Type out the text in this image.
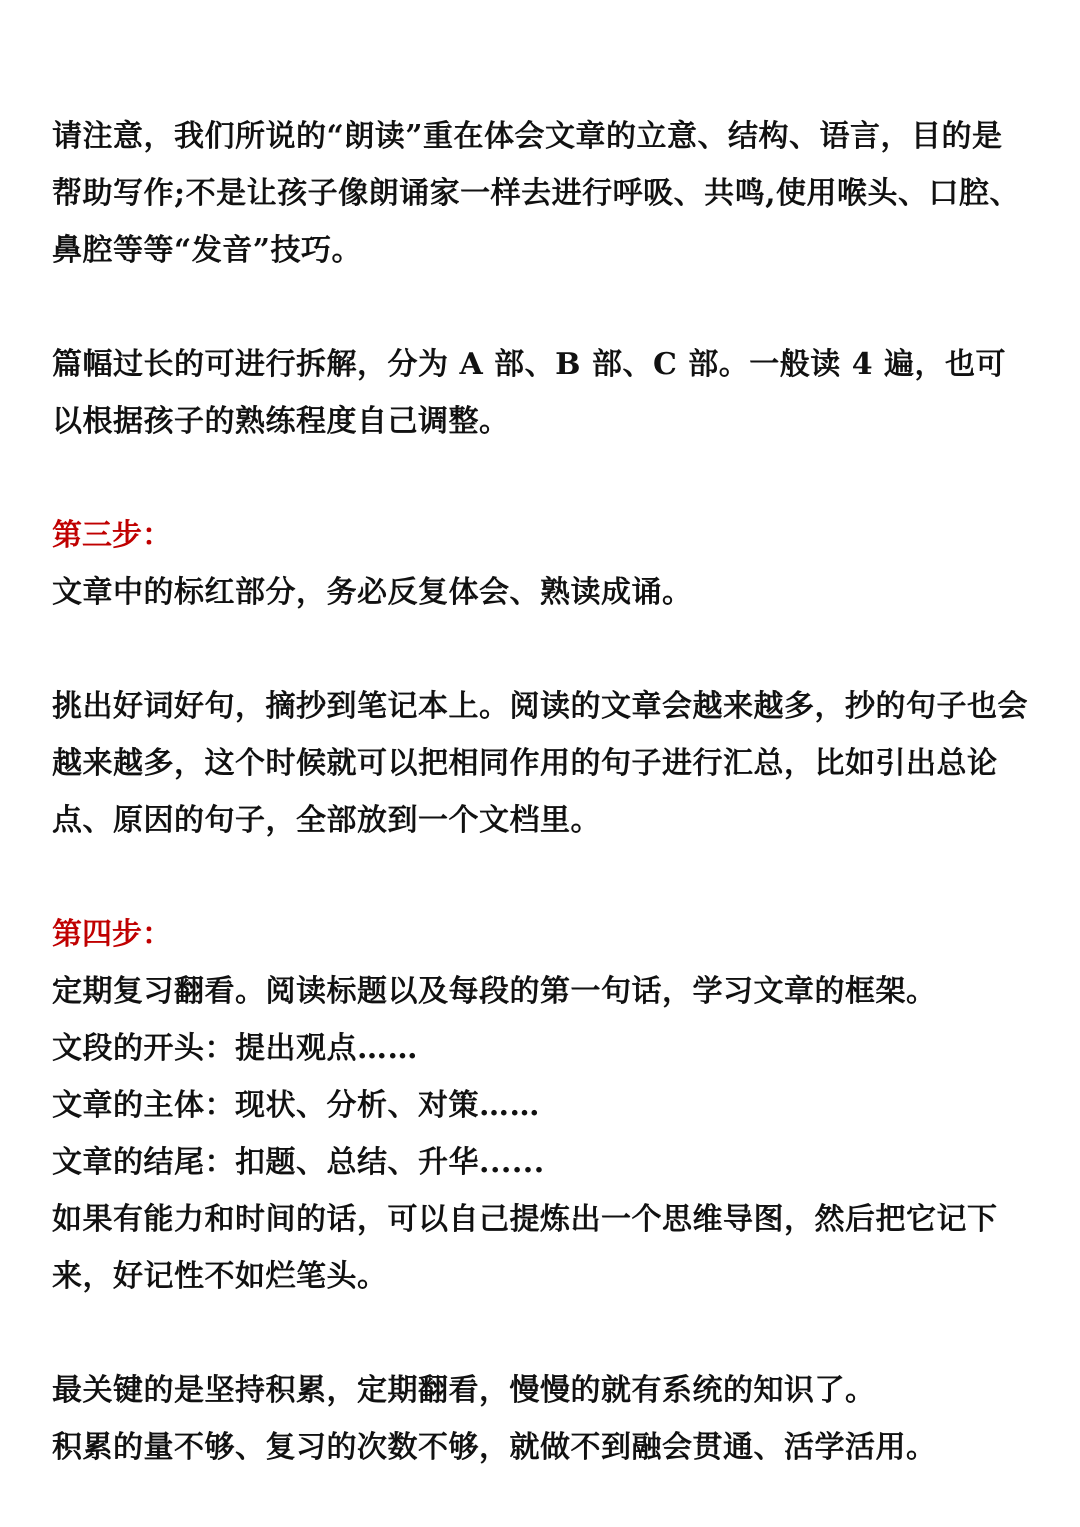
请注意，我们所说的“朗读”重在体会文章的立意、结构、语言，目的是帮助写作;不是让孩子像朗诵家一样去进行呼吸、共鸣,使用喉头、口腔、鼻腔等等“发音”技巧。

篇幅过长的可进行拆解，分为 A 部、B 部、C 部。一般读 4 遍，也可以根据孩子的熟练程度自己调整。

第三步：

文章中的标红部分，务必反复体会、熟读成诵。

挑出好词好句，摘抄到笔记本上。阅读的文章会越来越多，抄的句子也会越来越多，这个时候就可以把相同作用的句子进行汇总，比如引出总论点、原因的句子，全部放到一个文档里。

第四步：

定期复习翻看。阅读标题以及每段的第一句话，学习文章的框架。

文段的开头：提出观点……

文章的主体：现状、分析、对策……

文章的结尾：扣题、总结、升华......

如果有能力和时间的话，可以自己提炼出一个思维导图，然后把它记下来，好记性不如烂笔头。

最关键的是坚持积累，定期翻看，慢慢的就有系统的知识了。

积累的量不够、复习的次数不够，就做不到融会贯通、活学活用。
